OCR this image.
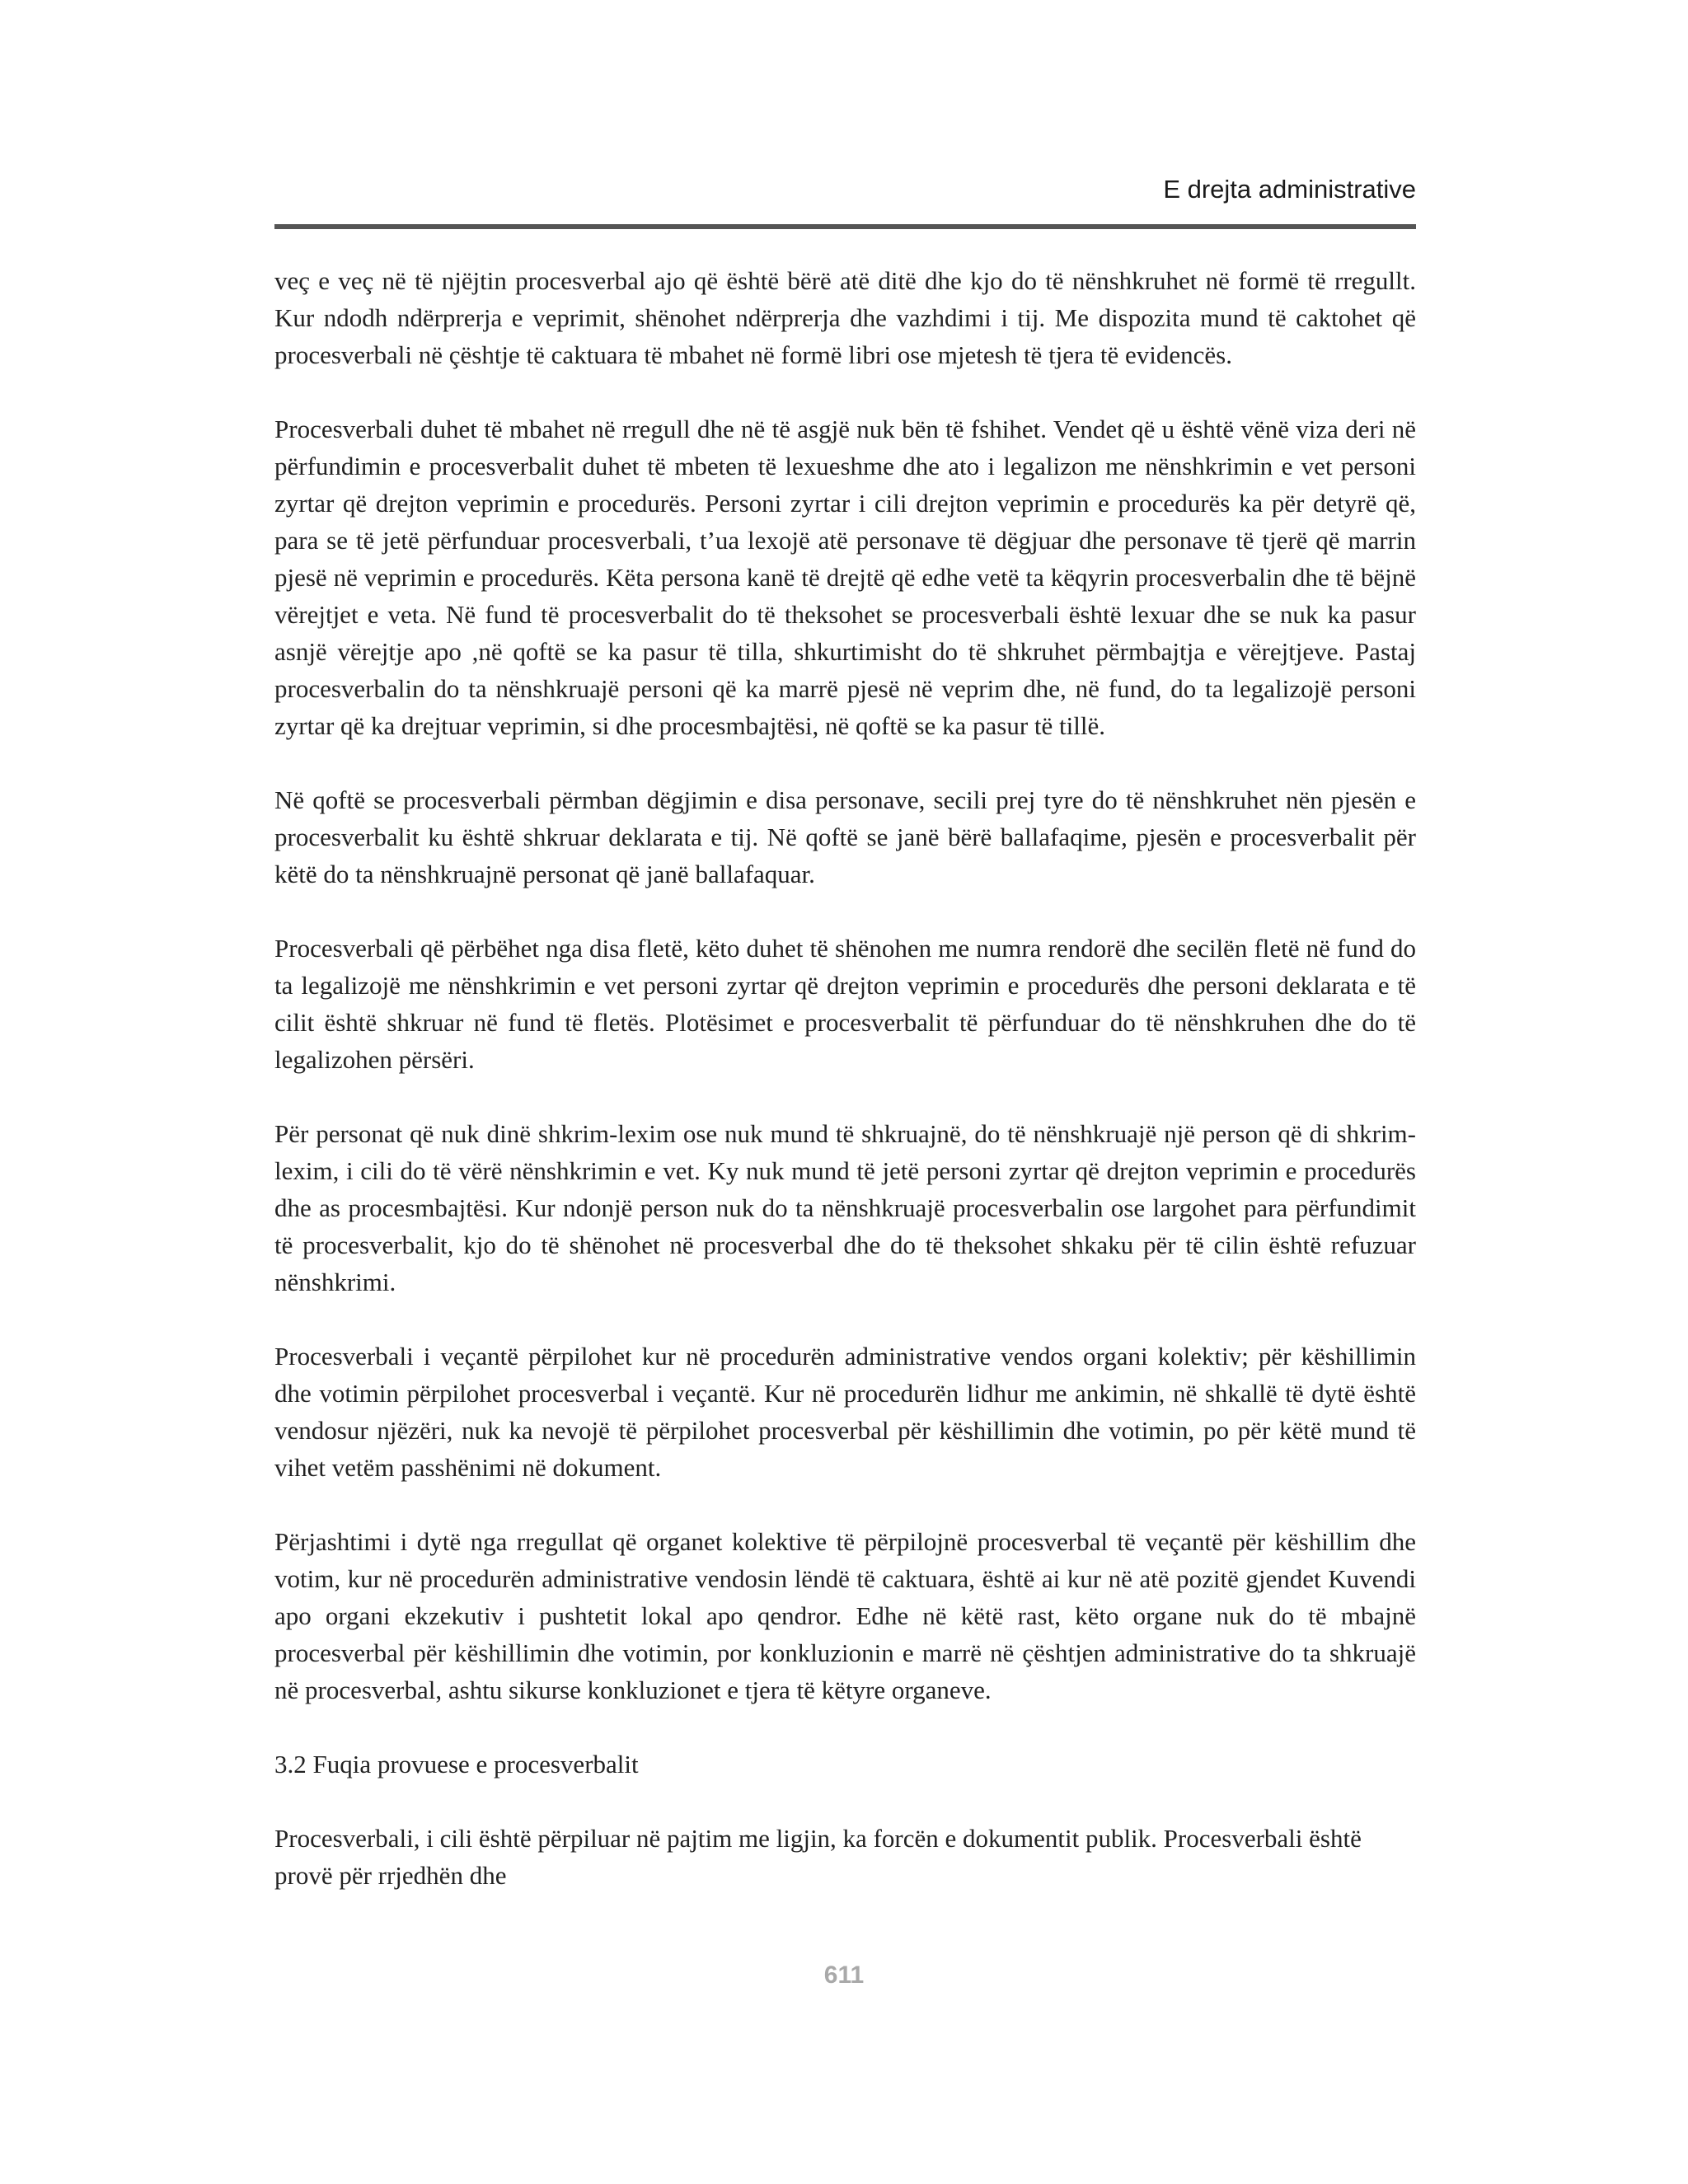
E drejta administrative

veç e veç në të njëjtin procesverbal ajo që është bërë atë ditë dhe kjo do të nënshkruhet në formë të rregullt. Kur ndodh ndërprerja e veprimit, shënohet ndërprerja dhe vazhdimi i tij. Me dispozita mund të caktohet që procesverbali në çështje të caktuara të mbahet në formë libri ose mjetesh të tjera të evidencës.

Procesverbali duhet të mbahet në rregull dhe në të asgjë nuk bën të fshihet. Vendet që u është vënë viza deri në përfundimin e procesverbalit duhet të mbeten të lexueshme dhe ato i legalizon me nënshkrimin e vet personi zyrtar që drejton veprimin e procedurës. Personi zyrtar i cili drejton veprimin e procedurës ka për detyrë që, para se të jetë përfunduar procesverbali, t’ua lexojë atë personave të dëgjuar dhe personave të tjerë që marrin pjesë në veprimin e procedurës. Këta persona kanë të drejtë që edhe vetë ta këqyrin procesverbalin dhe të bëjnë vërejtjet e veta. Në fund të procesverbalit do të theksohet se procesverbali është lexuar dhe se nuk ka pasur asnjë vërejtje apo ,në qoftë se ka pasur të tilla, shkurtimisht do të shkruhet përmbajtja e vërejtjeve. Pastaj procesverbalin do ta nënshkruajë personi që ka marrë pjesë në veprim dhe, në fund, do ta legalizojë personi zyrtar që ka drejtuar veprimin, si dhe procesmbajtësi, në qoftë se ka pasur të tillë.

Në qoftë se procesverbali përmban dëgjimin e disa personave, secili prej tyre do të nënshkruhet nën pjesën e procesverbalit ku është shkruar deklarata e tij. Në qoftë se janë bërë ballafaqime, pjesën e procesverbalit për këtë do ta nënshkruajnë personat që janë ballafaquar.

Procesverbali që përbëhet nga disa fletë, këto duhet të shënohen me numra rendorë dhe secilën fletë në fund do ta legalizojë me nënshkrimin e vet personi zyrtar që drejton veprimin e procedurës dhe personi deklarata e të cilit është shkruar në fund të fletës. Plotësimet e procesverbalit të përfunduar do të nënshkruhen dhe do të legalizohen përsëri.

Për personat që nuk dinë shkrim-lexim ose nuk mund të shkruajnë, do të nënshkruajë një person që di shkrim-lexim, i cili do të vërë nënshkrimin e vet. Ky nuk mund të jetë personi zyrtar që drejton veprimin e procedurës dhe as procesmbajtësi. Kur ndonjë person nuk do ta nënshkruajë procesverbalin ose largohet para përfundimit të procesverbalit, kjo do të shënohet në procesverbal dhe do të theksohet shkaku për të cilin është refuzuar nënshkrimi.

Procesverbali i veçantë përpilohet kur në procedurën administrative vendos organi kolektiv; për këshillimin dhe votimin përpilohet procesverbal i veçantë. Kur në procedurën lidhur me ankimin, në shkallë të dytë është vendosur njëzëri, nuk ka nevojë të përpilohet procesverbal për këshillimin dhe votimin, po për këtë mund të vihet vetëm passhënimi në dokument.

Përjashtimi i dytë nga rregullat që organet kolektive të përpilojnë procesverbal të veçantë për këshillim dhe votim, kur në procedurën administrative vendosin lëndë të caktuara, është ai kur në atë pozitë gjendet Kuvendi apo organi ekzekutiv i pushtetit lokal apo qendror. Edhe në këtë rast, këto organe nuk do të mbajnë procesverbal për këshillimin dhe votimin, por konkluzionin e marrë në çështjen administrative do ta shkruajë në procesverbal, ashtu sikurse konkluzionet e tjera të këtyre organeve.

3.2 Fuqia provuese e procesverbalit

Procesverbali, i cili është përpiluar në pajtim me ligjin, ka forcën e dokumentit publik. Procesverbali është provë për rrjedhën dhe

611
